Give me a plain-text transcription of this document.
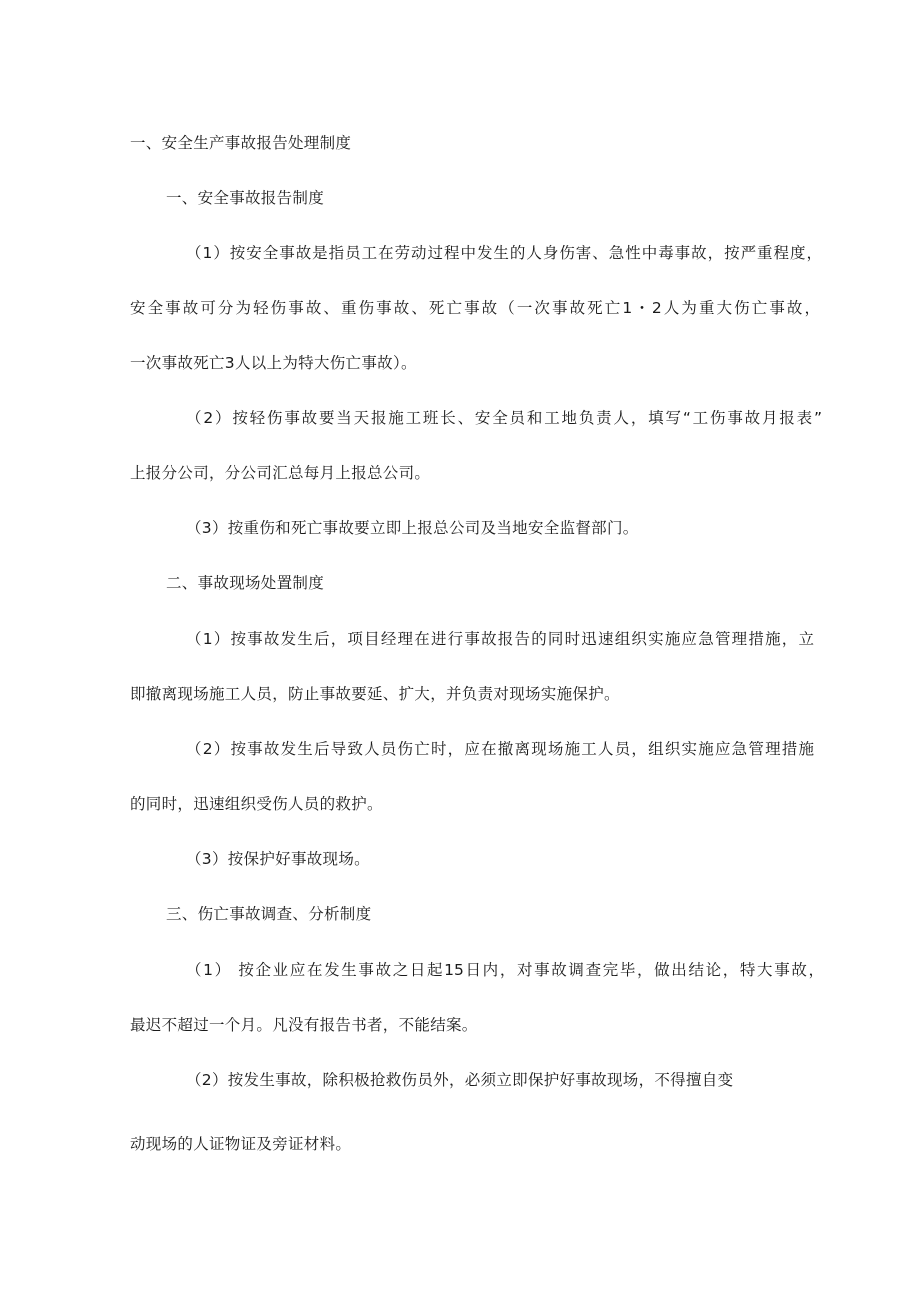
一、安全生产事故报告处理制度
一、安全事故报告制度
（1）按安全事故是指员工在劳动过程中发生的人身伤害、急性中毒事故，按严重程度，
安全事故可分为轻伤事故、重伤事故、死亡事故（一次事故死亡1・2人为重大伤亡事故，
一次事故死亡3人以上为特大伤亡事故）。
（2）按轻伤事故要当天报施工班长、安全员和工地负责人，填写“工伤事故月报表”
上报分公司，分公司汇总每月上报总公司。
（3）按重伤和死亡事故要立即上报总公司及当地安全监督部门。
二、事故现场处置制度
（1）按事故发生后，项目经理在进行事故报告的同时迅速组织实施应急管理措施，立
即撤离现场施工人员，防止事故要延、扩大，并负责对现场实施保护。
（2）按事故发生后导致人员伤亡时，应在撤离现场施工人员，组织实施应急管理措施
的同时，迅速组织受伤人员的救护。
（3）按保护好事故现场。
三、伤亡事故调查、分析制度
（1） 按企业应在发生事故之日起15日内，对事故调查完毕，做出结论，特大事故，
最迟不超过一个月。凡没有报告书者，不能结案。
（2）按发生事故，除积极抢救伤员外，必须立即保护好事故现场，不得擅自变
动现场的人证物证及旁证材料。
